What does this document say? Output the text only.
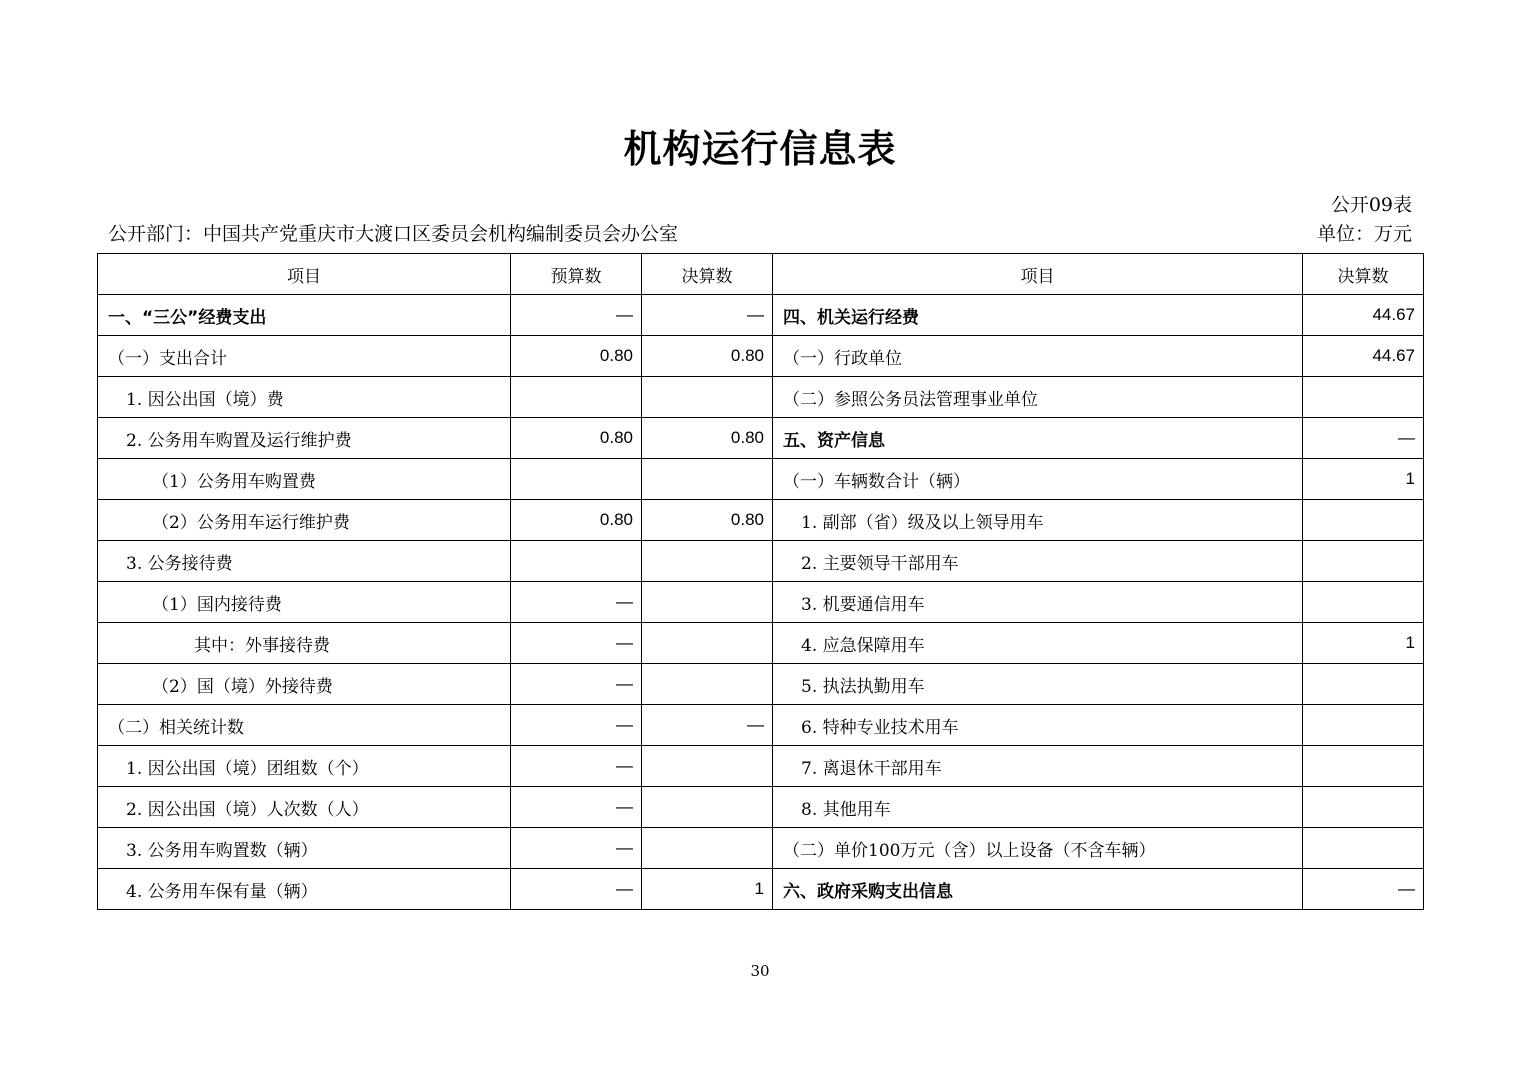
机构运行信息表
公开09表
公开部门：中国共产党重庆市大渡口区委员会机构编制委员会办公室	单位：万元
项目	预算数	决算数	项目	决算数
一、“三公”经费支出	—	—	四、机关运行经费	44.67
（一）支出合计	0.80	0.80	（一）行政单位	44.67
1. 因公出国（境）费			（二）参照公务员法管理事业单位	
2. 公务用车购置及运行维护费	0.80	0.80	五、资产信息	—
（1）公务用车购置费			（一）车辆数合计（辆）	1
（2）公务用车运行维护费	0.80	0.80	1. 副部（省）级及以上领导用车	
3. 公务接待费			2. 主要领导干部用车	
（1）国内接待费	—		3. 机要通信用车	
其中：外事接待费	—		4. 应急保障用车	1
（2）国（境）外接待费	—		5. 执法执勤用车	
（二）相关统计数	—	—	6. 特种专业技术用车	
1. 因公出国（境）团组数（个）	—		7. 离退休干部用车	
2. 因公出国（境）人次数（人）	—		8. 其他用车	
3. 公务用车购置数（辆）	—		（二）单价100万元（含）以上设备（不含车辆）	
4. 公务用车保有量（辆）	—	1	六、政府采购支出信息	—
30
